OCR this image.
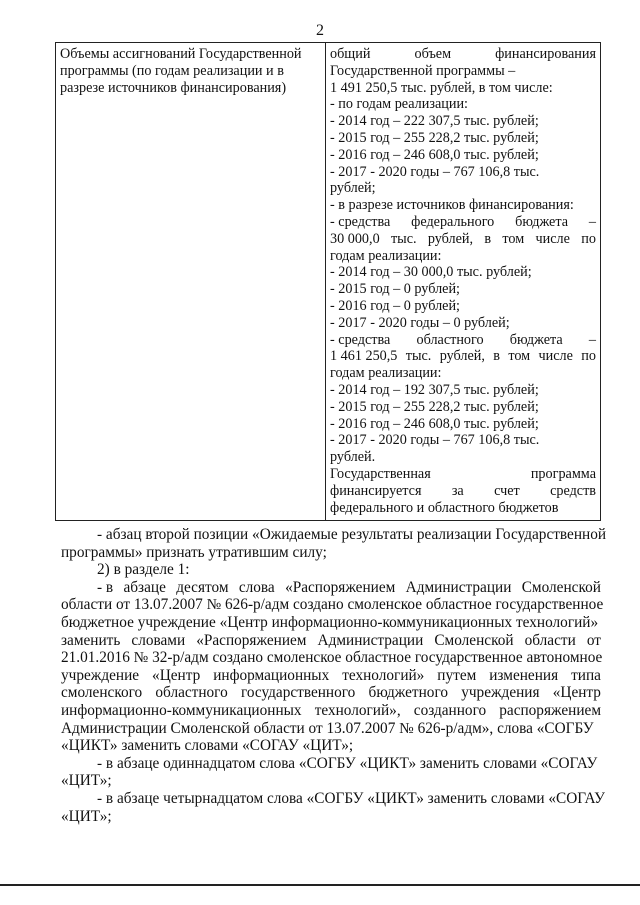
2
Объемы ассигнований Государственной
программы (по годам реализации и в
разрезе источников финансирования)

общий	объем	финансирования
Государственной программы –
1 491 250,5 тыс. рублей, в том числе:
- по годам реализации:
- 2014 год – 222 307,5 тыс. рублей;
- 2015 год – 255 228,2 тыс. рублей;
- 2016 год – 246 608,0 тыс. рублей;
- 2017 - 2020 годы – 767 106,8 тыс.
рублей;
- в разрезе источников финансирования:
- средства федерального бюджета –
30 000,0 тыс. рублей, в том числе по
годам реализации:
- 2014 год – 30 000,0 тыс. рублей;
- 2015 год – 0 рублей;
- 2016 год – 0 рублей;
- 2017 - 2020 годы – 0 рублей;
- средства областного бюджета –
1 461 250,5 тыс. рублей, в том числе по
годам реализации:
- 2014 год – 192 307,5 тыс. рублей;
- 2015 год – 255 228,2 тыс. рублей;
- 2016 год – 246 608,0 тыс. рублей;
- 2017 - 2020 годы – 767 106,8 тыс.
рублей.
Государственная	программа
финансируется за счет средств
федерального и областного бюджетов
- абзац второй позиции «Ожидаемые результаты реализации Государственной
программы» признать утратившим силу;
2) в разделе 1:
- в абзаце десятом слова «Распоряжением Администрации Смоленской
области от 13.07.2007 № 626-р/адм создано смоленское областное государственное
бюджетное учреждение «Центр информационно-коммуникационных технологий»
заменить словами «Распоряжением Администрации Смоленской области от
21.01.2016 № 32-р/адм создано смоленское областное государственное автономное
учреждение «Центр информационных технологий» путем изменения типа
смоленского областного государственного бюджетного учреждения «Центр
информационно-коммуникационных технологий», созданного распоряжением
Администрации Смоленской области от 13.07.2007 № 626-р/адм», слова «СОГБУ
«ЦИКТ» заменить словами «СОГАУ «ЦИТ»;
- в абзаце одиннадцатом слова «СОГБУ «ЦИКТ» заменить словами «СОГАУ
«ЦИТ»;
- в абзаце четырнадцатом слова «СОГБУ «ЦИКТ» заменить словами «СОГАУ
«ЦИТ»;
